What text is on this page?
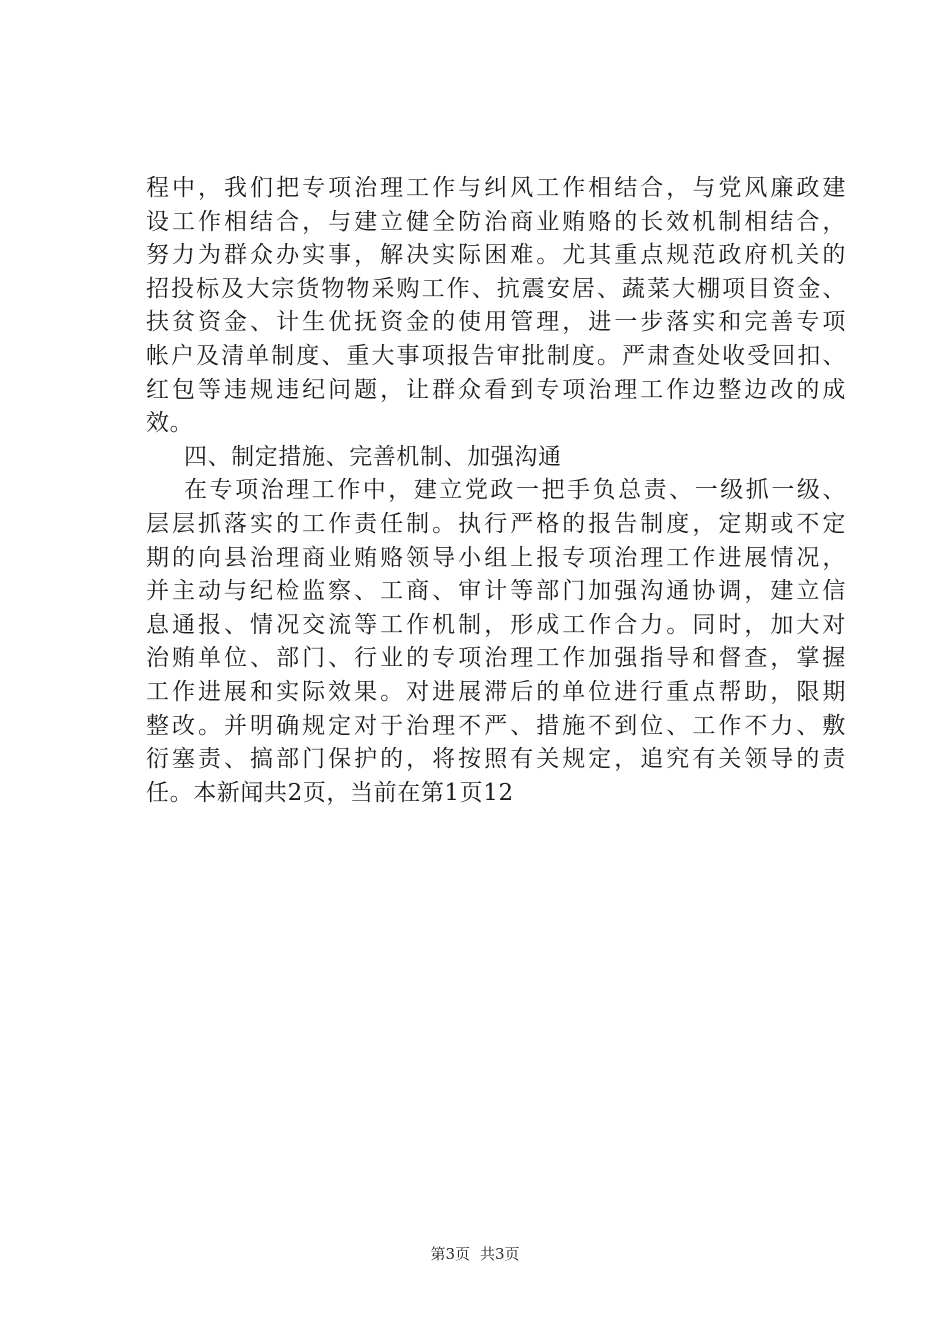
程中，我们把专项治理工作与纠风工作相结合，与党风廉政建
设工作相结合，与建立健全防治商业贿赂的长效机制相结合，
努力为群众办实事，解决实际困难。尤其重点规范政府机关的
招投标及大宗货物物采购工作、抗震安居、蔬菜大棚项目资金、
扶贫资金、计生优抚资金的使用管理，进一步落实和完善专项
帐户及清单制度、重大事项报告审批制度。严肃查处收受回扣、
红包等违规违纪问题，让群众看到专项治理工作边整边改的成
效。
四、制定措施、完善机制、加强沟通
在专项治理工作中，建立党政一把手负总责、一级抓一级、
层层抓落实的工作责任制。执行严格的报告制度，定期或不定
期的向县治理商业贿赂领导小组上报专项治理工作进展情况，
并主动与纪检监察、工商、审计等部门加强沟通协调，建立信
息通报、情况交流等工作机制，形成工作合力。同时，加大对
治贿单位、部门、行业的专项治理工作加强指导和督查，掌握
工作进展和实际效果。对进展滞后的单位进行重点帮助，限期
整改。并明确规定对于治理不严、措施不到位、工作不力、敷
衍塞责、搞部门保护的，将按照有关规定，追究有关领导的责
任。本新闻共2页，当前在第1页12
第3页 共3页
